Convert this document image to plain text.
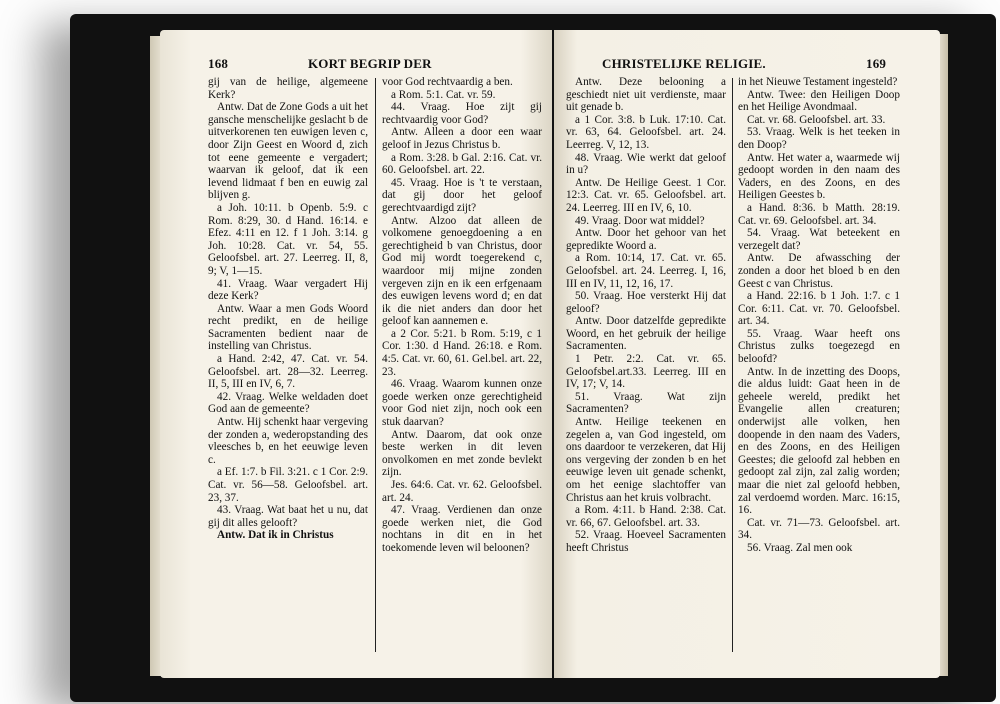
168	KORT BEGRIP DER

gij van de heilige, algemeene Kerk?

Antw. Dat de Zone Gods a uit het gansche menschelijke geslacht b de uitverkorenen ten euwigen leven c, door Zijn Geest en Woord d, zich tot eene gemeente e vergadert; waarvan ik geloof, dat ik een levend lidmaat f ben en euwig zal blijven g.

a Joh. 10:11. b Openb. 5:9. c Rom. 8:29, 30. d Hand. 16:14. e Efez. 4:11 en 12. f 1 Joh. 3:14. g Joh. 10:28. Cat. vr. 54, 55. Geloofsbel. art. 27. Leerreg. II, 8, 9; V, 1—15.

41. Vraag. Waar vergadert Hij deze Kerk?

Antw. Waar a men Gods Woord recht predikt, en de heilige Sacramenten bedient naar de instelling van Christus.

a Hand. 2:42, 47. Cat. vr. 54. Geloofsbel. art. 28—32. Leerreg. II, 5, III en IV, 6, 7.

42. Vraag. Welke weldaden doet God aan de gemeente?

Antw. Hij schenkt haar vergeving der zonden a, wederopstanding des vleesches b, en het eeuwige leven c.

a Ef. 1:7. b Fil. 3:21. c 1 Cor. 2:9. Cat. vr. 56—58. Geloofsbel. art. 23, 37.

43. Vraag. Wat baat het u nu, dat gij dit alles gelooft?

Antw. Dat ik in Christus

voor God rechtvaardig a ben.

a Rom. 5:1. Cat. vr. 59.

44. Vraag. Hoe zijt gij rechtvaardig voor God?

Antw. Alleen a door een waar geloof in Jezus Christus b.

a Rom. 3:28. b Gal. 2:16. Cat. vr. 60. Geloofsbel. art. 22.

45. Vraag. Hoe is 't te verstaan, dat gij door het geloof gerechtvaardigd zijt?

Antw. Alzoo dat alleen de volkomene genoegdoening a en gerechtigheid b van Christus, door God mij wordt toegerekend c, waardoor mij mijne zonden vergeven zijn en ik een erfgenaam des euwigen levens word d; en dat ik die niet anders dan door het geloof kan aannemen e.

a 2 Cor. 5:21. b Rom. 5:19, c 1 Cor. 1:30. d Hand. 26:18. e Rom. 4:5. Cat. vr. 60, 61. Gel.bel. art. 22, 23.

46. Vraag. Waarom kunnen onze goede werken onze gerechtigheid voor God niet zijn, noch ook een stuk daarvan?

Antw. Daarom, dat ook onze beste werken in dit leven onvolkomen en met zonde bevlekt zijn.

Jes. 64:6. Cat. vr. 62. Geloofsbel. art. 24.

47. Vraag. Verdienen dan onze goede werken niet, die God nochtans in dit en in het toekomende leven wil beloonen?

CHRISTELIJKE RELIGIE.	169

Antw. Deze belooning a geschiedt niet uit verdienste, maar uit genade b.

a 1 Cor. 3:8. b Luk. 17:10. Cat. vr. 63, 64. Geloofsbel. art. 24. Leerreg. V, 12, 13.

48. Vraag. Wie werkt dat geloof in u?

Antw. De Heilige Geest. 1 Cor. 12:3. Cat. vr. 65. Geloofsbel. art. 24. Leerreg. III en IV, 6, 10.

49. Vraag. Door wat middel?

Antw. Door het gehoor van het gepredikte Woord a.

a Rom. 10:14, 17. Cat. vr. 65. Geloofsbel. art. 24. Leerreg. I, 16, III en IV, 11, 12, 16, 17.

50. Vraag. Hoe versterkt Hij dat geloof?

Antw. Door datzelfde gepredikte Woord, en het gebruik der heilige Sacramenten.

1 Petr. 2:2. Cat. vr. 65. Geloofsbel.art.33. Leerreg. III en IV, 17; V, 14.

51. Vraag. Wat zijn Sacramenten?

Antw. Heilige teekenen en zegelen a, van God ingesteld, om ons daardoor te verzekeren, dat Hij ons vergeving der zonden b en het eeuwige leven uit genade schenkt, om het eenige slachtoffer van Christus aan het kruis volbracht.

a Rom. 4:11. b Hand. 2:38. Cat. vr. 66, 67. Geloofsbel. art. 33.

52. Vraag. Hoeveel Sacramenten heeft Christus

in het Nieuwe Testament ingesteld?

Antw. Twee: den Heiligen Doop en het Heilige Avondmaal.

Cat. vr. 68. Geloofsbel. art. 33.

53. Vraag. Welk is het teeken in den Doop?

Antw. Het water a, waarmede wij gedoopt worden in den naam des Vaders, en des Zoons, en des Heiligen Geestes b.

a Hand. 8:36. b Matth. 28:19. Cat. vr. 69. Geloofsbel. art. 34.

54. Vraag. Wat beteekent en verzegelt dat?

Antw. De afwassching der zonden a door het bloed b en den Geest c van Christus.

a Hand. 22:16. b 1 Joh. 1:7. c 1 Cor. 6:11. Cat. vr. 70. Geloofsbel. art. 34.

55. Vraag. Waar heeft ons Christus zulks toegezegd en beloofd?

Antw. In de inzetting des Doops, die aldus luidt: Gaat heen in de geheele wereld, predikt het Evangelie allen creaturen; onderwijst alle volken, hen doopende in den naam des Vaders, en des Zoons, en des Heiligen Geestes; die geloofd zal hebben en gedoopt zal zijn, zal zalig worden; maar die niet zal geloofd hebben, zal verdoemd worden. Marc. 16:15, 16.

Cat. vr. 71—73. Geloofsbel. art. 34.

56. Vraag. Zal men ook
